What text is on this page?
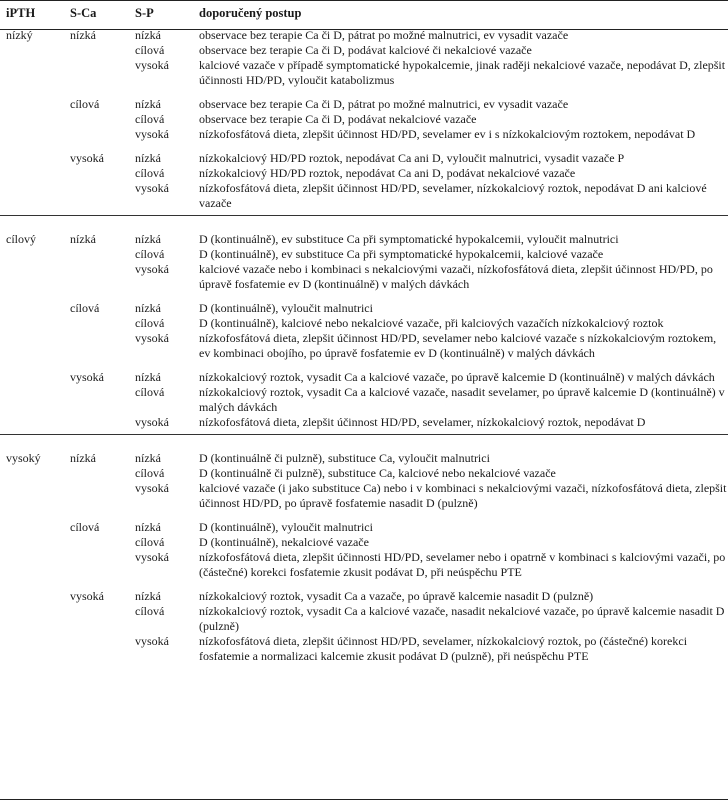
iPTH	S-Ca	S-P	doporučený postup
nízký	nízká	nízká	observace bez terapie Ca či D, pátrat po možné malnutrici, ev vysadit vazače
		cílová	observace bez terapie Ca či D, podávat kalciové či nekalciové vazače
		vysoká	kalciové vazače v případě symptomatické hypokalcemie, jinak raději nekalciové vazače, nepodávat D, zlepšit účinnosti HD/PD, vyloučit katabolizmus

	cílová	nízká	observace bez terapie Ca či D, pátrat po možné malnutrici, ev vysadit vazače
		cílová	observace bez terapie Ca či D, podávat nekalciové vazače
		vysoká	nízkofosfátová dieta, zlepšit účinnost HD/PD, sevelamer ev i s nízkokalciovým roztokem, nepodávat D

	vysoká	nízká	nízkokalciový HD/PD roztok, nepodávat Ca ani D, vyloučit malnutrici, vysadit vazače P
		cílová	nízkokalciový HD/PD roztok, nepodávat Ca ani D, podávat nekalciové vazače
		vysoká	nízkofosfátová dieta, zlepšit účinnost HD/PD, sevelamer, nízkokalciový roztok, nepodávat D ani kalciové vazače

cílový	nízká	nízká	D (kontinuálně), ev substituce Ca při symptomatické hypokalcemii, vyloučit malnutrici
		cílová	D (kontinuálně), ev substituce Ca při symptomatické hypokalcemii, kalciové vazače
		vysoká	kalciové vazače nebo i kombinaci s nekalciovými vazači, nízkofosfátová dieta, zlepšit účinnost HD/PD, po úpravě fosfatemie ev D (kontinuálně) v malých dávkách

	cílová	nízká	D (kontinuálně), vyloučit malnutrici
		cílová	D (kontinuálně), kalciové nebo nekalciové vazače, při kalciových vazačích nízkokalciový roztok
		vysoká	nízkofosfátová dieta, zlepšit účinnost HD/PD, sevelamer nebo kalciové vazače s nízkokalciovým roztokem, ev kombinaci obojího, po úpravě fosfatemie ev D (kontinuálně) v malých dávkách

	vysoká	nízká	nízkokalciový roztok, vysadit Ca a kalciové vazače, po úpravě kalcemie D (kontinuálně) v malých dávkách
		cílová	nízkokalciový roztok, vysadit Ca a kalciové vazače, nasadit sevelamer, po úpravě kalcemie D (kontinuálně) v malých dávkách
		vysoká	nízkofosfátová dieta, zlepšit účinnost HD/PD, sevelamer, nízkokalciový roztok, nepodávat D

vysoký	nízká	nízká	D (kontinuálně či pulzně), substituce Ca, vyloučit malnutrici
		cílová	D (kontinuálně či pulzně), substituce Ca, kalciové nebo nekalciové vazače
		vysoká	kalciové vazače (i jako substituce Ca) nebo i v kombinaci s nekalciovými vazači, nízkofosfátová dieta, zlepšit účinnost HD/PD, po úpravě fosfatemie nasadit D (pulzně)

	cílová	nízká	D (kontinuálně), vyloučit malnutrici
		cílová	D (kontinuálně), nekalciové vazače
		vysoká	nízkofosfátová dieta, zlepšit účinnosti HD/PD, sevelamer nebo i opatrně v kombinaci s kalciovými vazači, po (částečné) korekci fosfatemie zkusit podávat D, při neúspěchu PTE

	vysoká	nízká	nízkokalciový roztok, vysadit Ca a vazače, po úpravě kalcemie nasadit D (pulzně)
		cílová	nízkokalciový roztok, vysadit Ca a kalciové vazače, nasadit nekalciové vazače, po úpravě kalcemie nasadit D (pulzně)
		vysoká	nízkofosfátová dieta, zlepšit účinnost HD/PD, sevelamer, nízkokalciový roztok, po (částečné) korekci fosfatemie a normalizaci kalcemie zkusit podávat D (pulzně), při neúspěchu PTE
